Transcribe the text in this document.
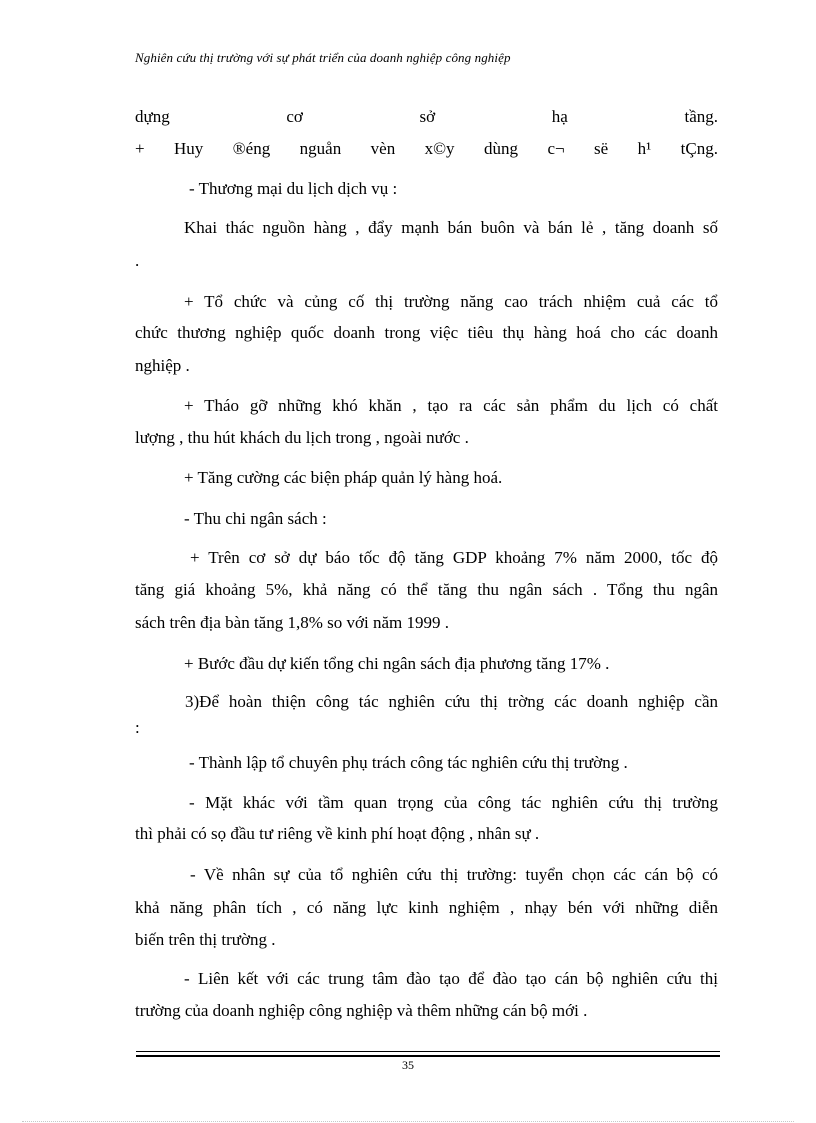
Nghiên cứu thị trường với sự phát triển của doanh nghiệp công nghiệp
dựng cơ sở hạ tầng.
+ Huy ®éng nguån vèn x©y dùng c¬ së h¹ tÇng.
- Thương mại du lịch dịch vụ :
Khai thác nguồn hàng , đẩy mạnh bán buôn và bán lẻ , tăng doanh số
.
+ Tổ chức và củng cố thị trường năng cao trách nhiệm cuả các tổ
chức thương nghiệp quốc doanh trong việc tiêu thụ hàng hoá cho các doanh
nghiệp .
+ Tháo gỡ những khó khăn , tạo ra các sản phẩm du lịch có chất
lượng , thu hút khách du lịch trong , ngoài nước .
+ Tăng cường các biện pháp quản lý hàng hoá.
- Thu chi ngân sách :
+ Trên cơ sở dự báo tốc độ tăng GDP khoảng 7% năm 2000, tốc độ
tăng giá khoảng 5%, khả năng có thể tăng thu ngân sách . Tổng thu ngân
sách trên địa bàn tăng 1,8% so với năm 1999 .
+ Bước đầu dự kiến tổng chi ngân sách địa phương tăng 17% .
3)Để hoàn thiện công tác nghiên cứu thị trờng các doanh nghiệp cần
:
- Thành lập tổ chuyên phụ trách công tác nghiên cứu thị trường .
- Mặt khác với tầm quan trọng của công tác nghiên cứu thị trường
thì phải có sọ đầu tư riêng về kinh phí hoạt động , nhân sự .
- Về nhân sự của tổ nghiên cứu thị trường: tuyển chọn các cán bộ có
khả năng phân tích , có năng lực kinh nghiệm , nhạy bén với những diễn
biến trên thị trường .
- Liên kết với các trung tâm đào tạo để đào tạo cán bộ nghiên cứu thị
trường của doanh nghiệp công nghiệp và thêm những cán bộ mới .
35
